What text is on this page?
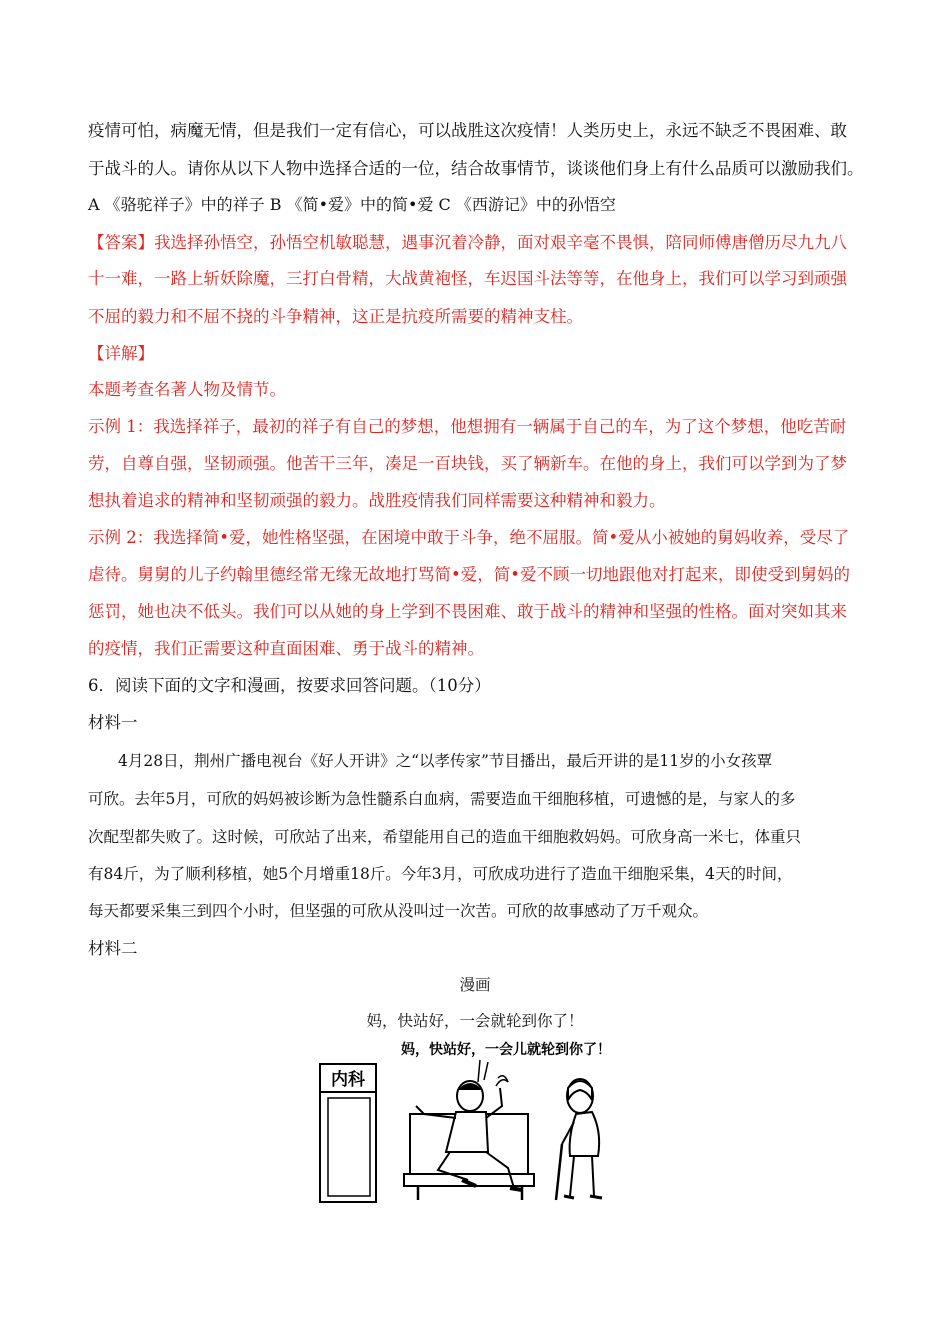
疫情可怕，病魔无情，但是我们一定有信心，可以战胜这次疫情！人类历史上，永远不缺乏不畏困难、敢
于战斗的人。请你从以下人物中选择合适的一位，结合故事情节，谈谈他们身上有什么品质可以激励我们。
A 《骆驼祥子》中的祥子 B 《简•爱》中的简•爱 C 《西游记》中的孙悟空
【答案】我选择孙悟空，孙悟空机敏聪慧，遇事沉着冷静，面对艰辛毫不畏惧，陪同师傅唐僧历尽九九八
十一难，一路上斩妖除魔，三打白骨精，大战黄袍怪，车迟国斗法等等，在他身上，我们可以学习到顽强
不屈的毅力和不屈不挠的斗争精神，这正是抗疫所需要的精神支柱。
【详解】
本题考查名著人物及情节。
示例 1：我选择祥子，最初的祥子有自己的梦想，他想拥有一辆属于自己的车，为了这个梦想，他吃苦耐
劳，自尊自强，坚韧顽强。他苦干三年，凑足一百块钱，买了辆新车。在他的身上，我们可以学到为了梦
想执着追求的精神和坚韧顽强的毅力。战胜疫情我们同样需要这种精神和毅力。
示例 2：我选择简•爱，她性格坚强，在困境中敢于斗争，绝不屈服。简•爱从小被她的舅妈收养，受尽了
虐待。舅舅的儿子约翰里德经常无缘无故地打骂简•爱，简•爱不顾一切地跟他对打起来，即使受到舅妈的
惩罚，她也决不低头。我们可以从她的身上学到不畏困难、敢于战斗的精神和坚强的性格。面对突如其来
的疫情，我们正需要这种直面困难、勇于战斗的精神。
6．阅读下面的文字和漫画，按要求回答问题。（10分）
材料一
4月28日，荆州广播电视台《好人开讲》之“以孝传家”节目播出，最后开讲的是11岁的小女孩覃
可欣。去年5月，可欣的妈妈被诊断为急性髓系白血病，需要造血干细胞移植，可遗憾的是，与家人的多
次配型都失败了。这时候，可欣站了出来，希望能用自己的造血干细胞救妈妈。可欣身高一米七，体重只
有84斤，为了顺利移植，她5个月增重18斤。今年3月，可欣成功进行了造血干细胞采集，4天的时间，
每天都要采集三到四个小时，但坚强的可欣从没叫过一次苦。可欣的故事感动了万千观众。
材料二
漫画
妈，快站好，一会就轮到你了！
内科
妈，快站好，一会儿就轮到你了！
